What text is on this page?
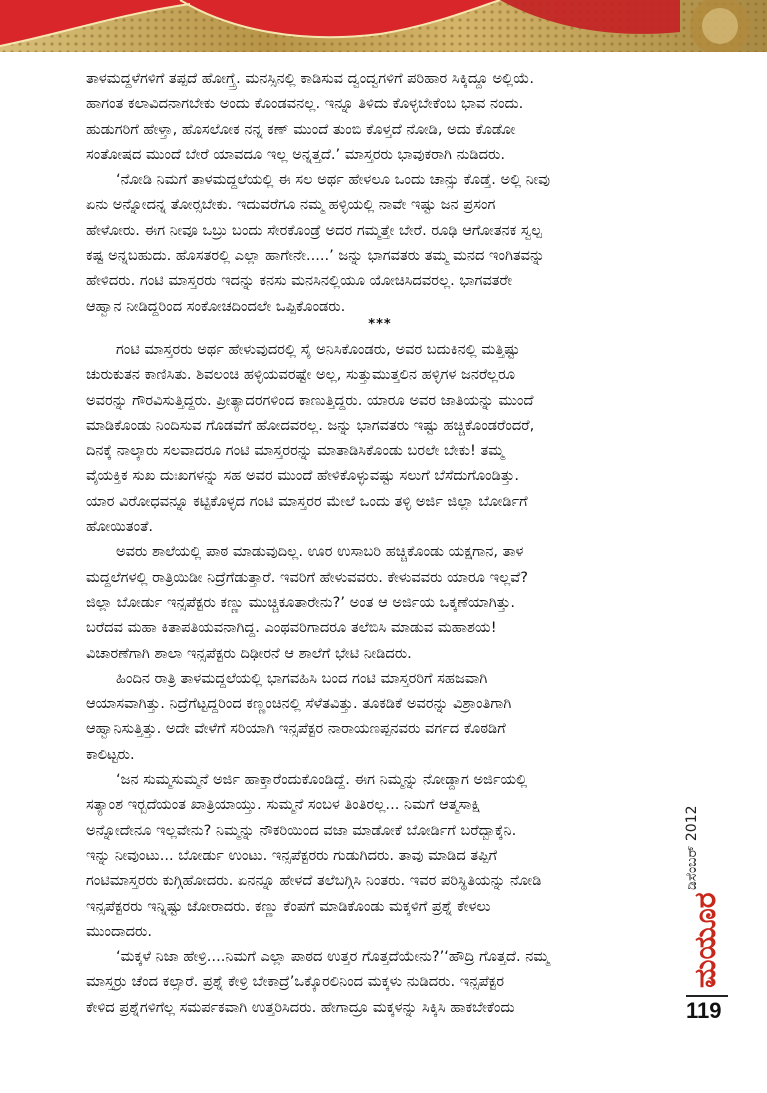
ತಾಳಮದ್ದಳೆಗಳಿಗೆ ತಪ್ಪದೆ ಹೋಗ್ತ್ರೆ. ಮನಸ್ಸಿನಲ್ಲಿ ಕಾಡಿಸುವ ದ್ವಂದ್ವಗಳಿಗೆ ಪರಿಹಾರ ಸಿಕ್ಕಿದ್ದೂ ಅಲ್ಲಿಯೆ.
ಹಾಗಂತ ಕಲಾವಿದನಾಗಬೇಕು ಅಂದು ಕೊಂಡವನಲ್ಲ. ಇನ್ನೂ ತಿಳಿದು ಕೊಳ್ಳಬೇಕೆಂಬ ಭಾವ ನಂದು.
ಹುಡುಗರಿಗೆ ಹೇಳ್ತಾ, ಹೊಸಲೋಕ ನನ್ನ ಕಣ್ ಮುಂದೆ ತುಂಬಿ ಕೊಳ್ತದೆ ನೋಡಿ, ಅದು ಕೊಡೋ
ಸಂತೋಷದ ಮುಂದೆ ಬೇರೆ ಯಾವದೂ ಇಲ್ಲ ಅನ್ನತ್ತದೆ.’ ಮಾಸ್ತರರು ಭಾವುಕರಾಗಿ ನುಡಿದರು.

‘ನೋಡಿ ನಿಮಗೆ ತಾಳಮದ್ದಲೆಯಲ್ಲಿ ಈ ಸಲ ಅರ್ಥ ಹೇಳಲೂ ಒಂದು ಚಾನ್ಸು ಕೊಡ್ತೆ. ಅಲ್ಲಿ ನೀವು
ಏನು ಅನ್ನೋದನ್ನ ತೋರ್‍ಸಬೇಕು. ಇದುವರೆಗೂ ನಮ್ಮ ಹಳ್ಳಿಯಲ್ಲಿ ನಾವೇ ಇಷ್ಟು ಜನ ಪ್ರಸಂಗ
ಹೇಳೋರು. ಈಗ ನೀವೂ ಒಬ್ರು ಬಂದು ಸೇರಕೊಂಡ್ರೆ ಅದರ ಗಮ್ಮತ್ತೇ ಬೇರೆ. ರೂಢಿ ಆಗೋತನಕ ಸ್ವಲ್ಪ
ಕಷ್ಟ ಅನ್ನಬಹುದು. ಹೊಸತರಲ್ಲಿ ಎಲ್ಲಾ ಹಾಗೇನೇ.....’ ಜನ್ನು ಭಾಗವತರು ತಮ್ಮ ಮನದ ಇಂಗಿತವನ್ನು
ಹೇಳಿದರು. ಗಂಟಿ ಮಾಸ್ತರರು ಇದನ್ನು ಕನಸು ಮನಸಿನಲ್ಲಿಯೂ ಯೋಚಿಸಿದವರಲ್ಲ. ಭಾಗವತರೇ
ಆಹ್ವಾನ ನೀಡಿದ್ದರಿಂದ ಸಂಕೋಚದಿಂದಲೇ ಒಪ್ಪಿಕೊಂಡರು.

***

ಗಂಟಿ ಮಾಸ್ತರರು ಅರ್ಥ ಹೇಳುವುದರಲ್ಲಿ ಸೈ ಅನಿಸಿಕೊಂಡರು, ಅವರ ಬದುಕಿನಲ್ಲಿ ಮತ್ತಿಷ್ಟು
ಚುರುಕುತನ ಕಾಣಿಸಿತು. ಶಿವಲಂಚಿ ಹಳ್ಳಿಯವರಷ್ಟೇ ಅಲ್ಲ, ಸುತ್ತುಮುತ್ತಲಿನ ಹಳ್ಳಿಗಳ ಜನರೆಲ್ಲರೂ
ಅವರನ್ನು ಗೌರವಿಸುತ್ತಿದ್ದರು. ಪ್ರೀತ್ಯಾದರಗಳಿಂದ ಕಾಣುತ್ತಿದ್ದರು. ಯಾರೂ ಅವರ ಜಾತಿಯನ್ನು ಮುಂದೆ
ಮಾಡಿಕೊಂಡು ನಿಂದಿಸುವ ಗೊಡವೆಗೆ ಹೋದವರಲ್ಲ. ಜನ್ನು ಭಾಗವತರು ಇಷ್ಟು ಹಚ್ಚಿಕೊಂಡರೆಂದರೆ,
ದಿನಕ್ಕೆ ನಾಲ್ಕಾರು ಸಲವಾದರೂ ಗಂಟಿ ಮಾಸ್ತರರನ್ನು ಮಾತಾಡಿಸಿಕೊಂಡು ಬರಲೇ ಬೇಕು! ತಮ್ಮ
ವೈಯಕ್ತಿಕ ಸುಖ ದುಃಖಗಳನ್ನು ಸಹ ಅವರ ಮುಂದೆ ಹೇಳಿಕೊಳ್ಳುವಷ್ಟು ಸಲುಗೆ ಬೆಸೆದುಗೊಂಡಿತ್ತು.
ಯಾರ ವಿರೋಧವನ್ನೂ ಕಟ್ಟಿಕೊಳ್ಳದ ಗಂಟಿ ಮಾಸ್ತರರ ಮೇಲೆ ಒಂದು ತಳ್ಳಿ ಅರ್ಜಿ ಜಿಲ್ಲಾ ಬೋರ್ಡಿಗೆ
ಹೋಯಿತಂತೆ.

ಅವರು ಶಾಲೆಯಲ್ಲಿ ಪಾಠ ಮಾಡುವುದಿಲ್ಲ. ಊರ ಉಸಾಬರಿ ಹಚ್ಚಿಕೊಂಡು ಯಕ್ಷಗಾನ, ತಾಳ
ಮದ್ದಲೆಗಳಲ್ಲಿ ರಾತ್ರಿಯಿಡೀ ನಿದ್ರೆಗೆಡುತ್ತಾರೆ. ಇವರಿಗೆ ಹೇಳುವವರು. ಕೇಳುವವರು ಯಾರೂ ಇಲ್ಲವೆ?
ಜಿಲ್ಲಾ ಬೋರ್ಡು ಇನ್ಸಪೆಕ್ಟರು ಕಣ್ಣು ಮುಚ್ಚಿಕೂತಾರೇನು?’ ಅಂತ ಆ ಅರ್ಜಿಯ ಒಕ್ಕಣೆಯಾಗಿತ್ತು.
ಬರೆದವ ಮಹಾ ಕಿತಾಪತಿಯವನಾಗಿದ್ದ. ಎಂಥವರಿಗಾದರೂ ತಲೆಬಿಸಿ ಮಾಡುವ ಮಹಾಶಯ!
ವಿಚಾರಣೆಗಾಗಿ ಶಾಲಾ ಇನ್ಸಪೆಕ್ಟರು ದಿಢೀರನೆ ಆ ಶಾಲೆಗೆ ಭೇಟಿ ನೀಡಿದರು.

ಹಿಂದಿನ ರಾತ್ರಿ ತಾಳಮದ್ದಲೆಯಲ್ಲಿ ಭಾಗವಹಿಸಿ ಬಂದ ಗಂಟಿ ಮಾಸ್ತರರಿಗೆ ಸಹಜವಾಗಿ
ಆಯಾಸವಾಗಿತ್ತು. ನಿದ್ರೆಗೆಟ್ಟದ್ದರಿಂದ ಕಣ್ಣಂಚಿನಲ್ಲಿ ಸೆಳೆತವಿತ್ತು. ತೂಕಡಿಕೆ ಅವರನ್ನು ವಿಶ್ರಾಂತಿಗಾಗಿ
ಆಹ್ವಾನಿಸುತ್ತಿತ್ತು. ಅದೇ ವೇಳೆಗೆ ಸರಿಯಾಗಿ ಇನ್ಸಪೆಕ್ಟರ ನಾರಾಯಣಪ್ಪನವರು ವರ್ಗದ ಕೊಠಡಿಗೆ
ಕಾಲಿಟ್ಟರು.

‘ಜನ ಸುಮ್ಮಸುಮ್ಮನೆ ಅರ್ಜಿ ಹಾಕ್ತಾರೆಂದುಕೊಂಡಿದ್ದೆ. ಈಗ ನಿಮ್ಮನ್ನು ನೋಡ್ದಾಗ ಅರ್ಜಿಯಲ್ಲಿ
ಸತ್ಯಾಂಶ ಇರ್‍ಬದೆಯಂತ ಖಾತ್ರಿಯಾಯ್ತು. ಸುಮ್ಮನೆ ಸಂಬಳ ತಿಂತಿರಲ್ಲ... ನಿಮಗೆ ಆತ್ಮಸಾಕ್ಷಿ
ಅನ್ನೋದೇನೂ ಇಲ್ಲವೇನು? ನಿಮ್ಮನ್ನು ನೌಕರಿಯಿಂದ ವಜಾ ಮಾಡೋಕೆ ಬೋರ್ಡಿಗೆ ಬರೆದ್ಬಾಕ್ಕೆನಿ.
ಇನ್ನು ನೀವುಂಟು... ಬೋರ್ಡು ಉಂಟು. ಇನ್ಸಪೆಕ್ಟರರು ಗುಡುಗಿದರು. ತಾವು ಮಾಡಿದ ತಪ್ಪಿಗೆ
ಗಂಟಿಮಾಸ್ತರರು ಕುಗ್ಗಿಹೋದರು. ಏನನ್ನೂ ಹೇಳದೆ ತಲೆಬಗ್ಗಿಸಿ ನಿಂತರು. ಇವರ ಪರಿಸ್ಥಿತಿಯನ್ನು ನೋಡಿ
ಇನ್ಸಪೆಕ್ಟರರು ಇನ್ನಿಷ್ಟು ಜೋರಾದರು. ಕಣ್ಣು ಕೆಂಪಗೆ ಮಾಡಿಕೊಂಡು ಮಕ್ಕಳಿಗೆ ಪ್ರಶ್ನೆ ಕೇಳಲು
ಮುಂದಾದರು.

‘ಮಕ್ಕಳೆ ನಿಜಾ ಹೇಳ್ರಿ....ನಿಮಗೆ ಎಲ್ಲಾ ಪಾಠದ ಉತ್ತರ ಗೊತ್ತದೆಯೇನು?’‘ಹೌದ್ರಿ ಗೊತ್ತದೆ. ನಮ್ಮ
ಮಾಸ್ತರ್‍ರು ಚೆಂದ ಕಲ್ಸಾರೆ. ಪ್ರಶ್ನೆ ಕೇಳ್ರಿ ಬೇಕಾದ್ರೆ’ಒಕ್ಕೊರಲಿನಿಂದ ಮಕ್ಕಳು ನುಡಿದರು. ಇನ್ಸಪೆಕ್ಟರ
ಕೇಳಿದ ಪ್ರಶ್ನೆಗಳಿಗೆಲ್ಲ ಸಮರ್ಪಕವಾಗಿ ಉತ್ತರಿಸಿದರು. ಹೇಗಾದ್ರೂ ಮಕ್ಕಳನ್ನು ಸಿಕ್ಕಿಸಿ ಹಾಕಬೇಕೆಂದು

ಡಿಸೆಂಬರ್ 2012
ಮಯೂರ
119
